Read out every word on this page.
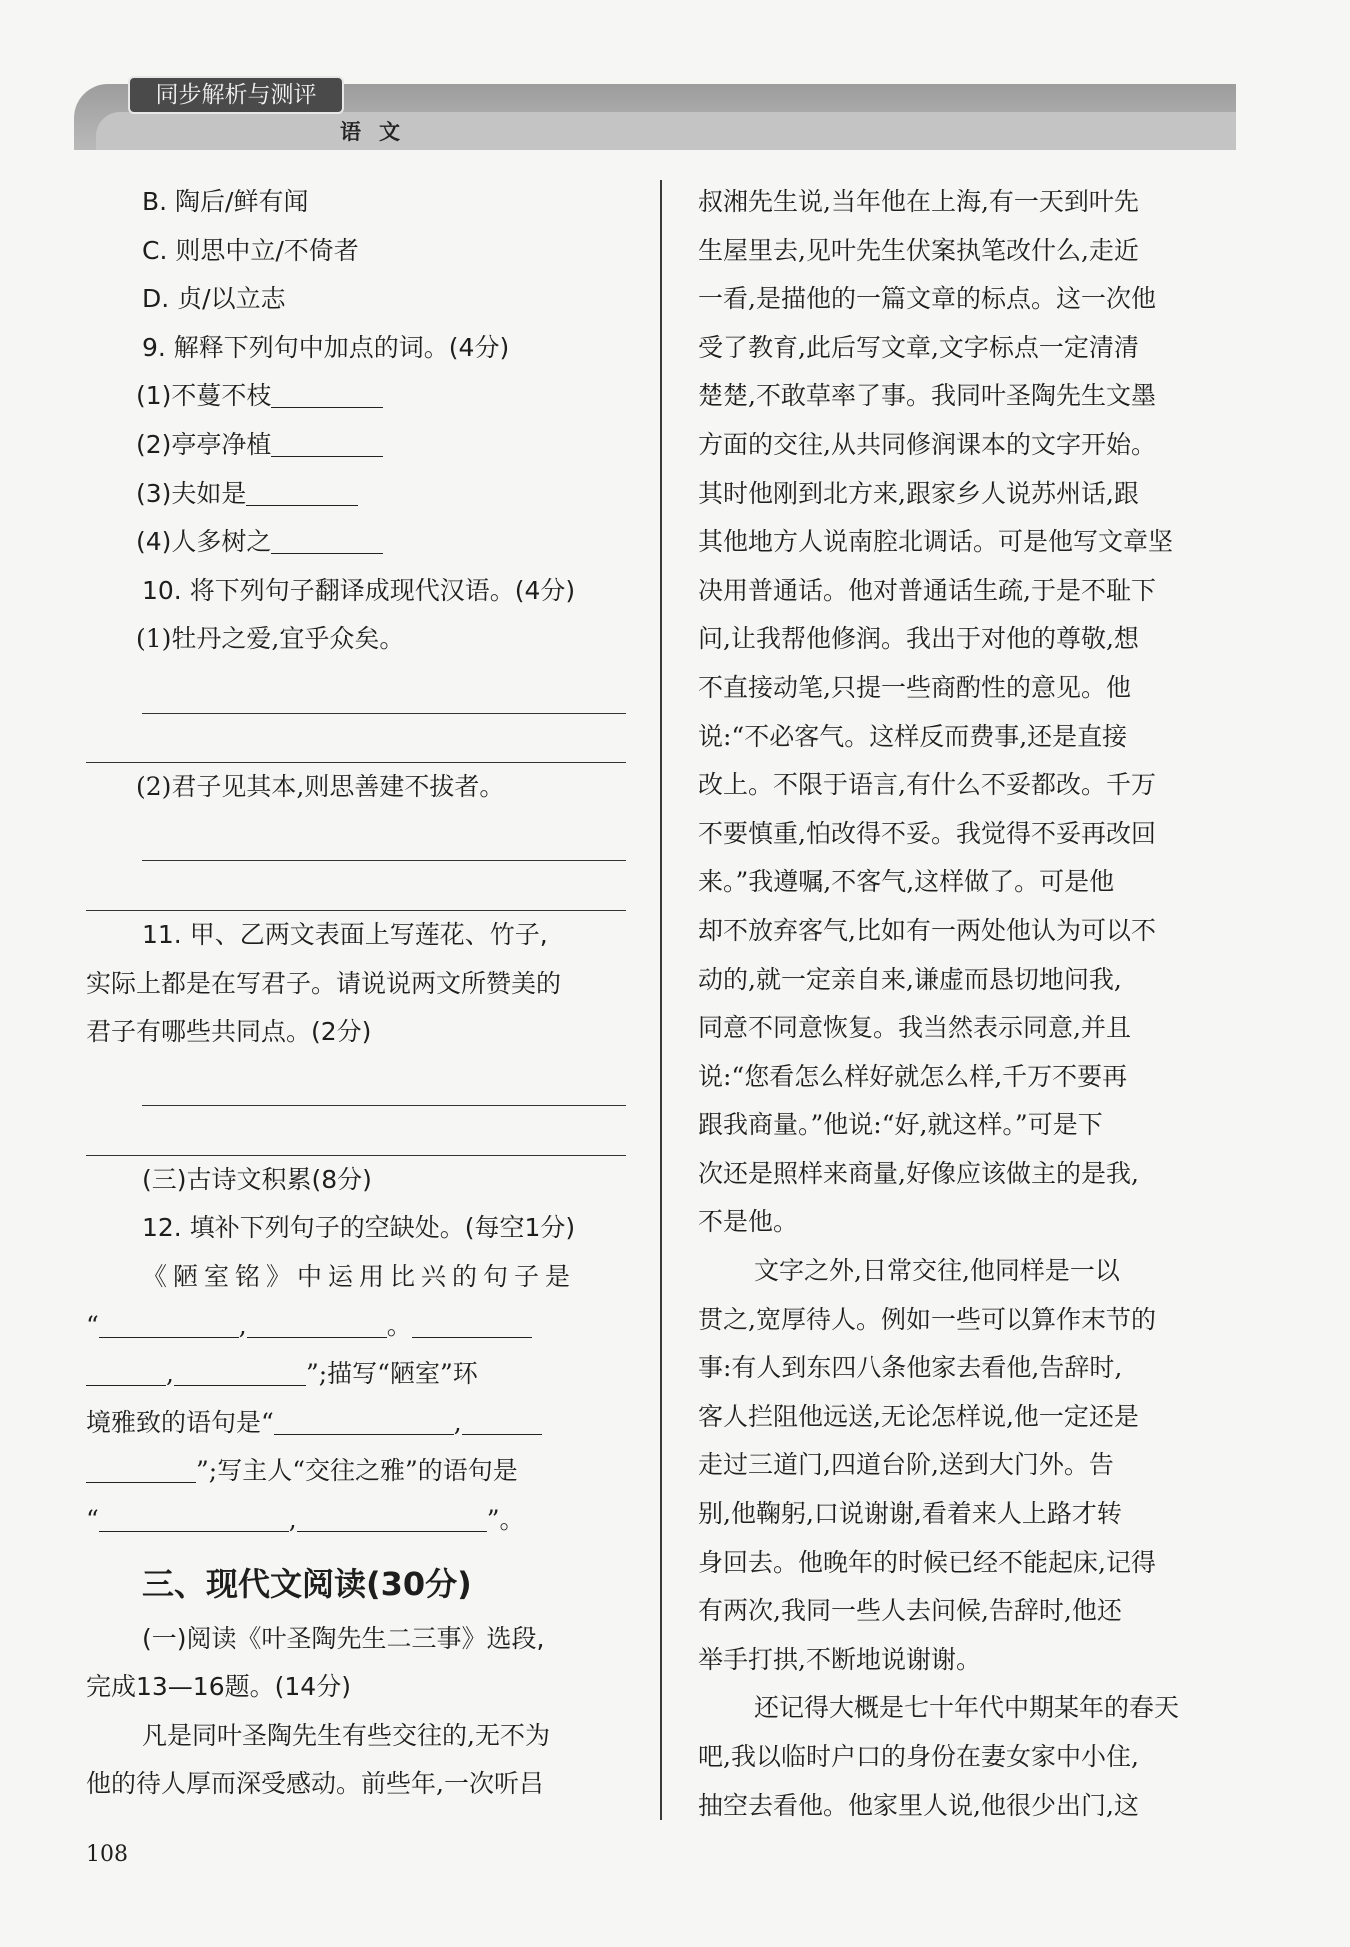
同步解析与测评
语文
B. 陶后/鲜有闻
C. 则思中立/不倚者
D. 贞/以立志
9. 解释下列句中加点的词。(4分)
(1)不蔓不枝
(2)亭亭净植
(3)夫如是
(4)人多树之
10. 将下列句子翻译成现代汉语。(4分)
(1)牡丹之爱,宜乎众矣。
(2)君子见其本,则思善建不拔者。
11. 甲、乙两文表面上写莲花、竹子,
实际上都是在写君子。请说说两文所赞美的
君子有哪些共同点。(2分)
(三)古诗文积累(8分)
12. 填补下列句子的空缺处。(每空1分)
《陋室铭》中运用比兴的句子是
“	,	。
,	”;描写“陋室”环
境雅致的语句是“	,
”;写主人“交往之雅”的语句是
“	,	”。
三、现代文阅读(30分)
(一)阅读《叶圣陶先生二三事》选段,
完成13—16题。(14分)
凡是同叶圣陶先生有些交往的,无不为
他的待人厚而深受感动。前些年,一次听吕
叔湘先生说,当年他在上海,有一天到叶先
生屋里去,见叶先生伏案执笔改什么,走近
一看,是描他的一篇文章的标点。这一次他
受了教育,此后写文章,文字标点一定清清
楚楚,不敢草率了事。我同叶圣陶先生文墨
方面的交往,从共同修润课本的文字开始。
其时他刚到北方来,跟家乡人说苏州话,跟
其他地方人说南腔北调话。可是他写文章坚
决用普通话。他对普通话生疏,于是不耻下
问,让我帮他修润。我出于对他的尊敬,想
不直接动笔,只提一些商酌性的意见。他
说:“不必客气。这样反而费事,还是直接
改上。不限于语言,有什么不妥都改。千万
不要慎重,怕改得不妥。我觉得不妥再改回
来。”我遵嘱,不客气,这样做了。可是他
却不放弃客气,比如有一两处他认为可以不
动的,就一定亲自来,谦虚而恳切地问我,
同意不同意恢复。我当然表示同意,并且
说:“您看怎么样好就怎么样,千万不要再
跟我商量。”他说:“好,就这样。”可是下
次还是照样来商量,好像应该做主的是我,
不是他。
文字之外,日常交往,他同样是一以
贯之,宽厚待人。例如一些可以算作末节的
事:有人到东四八条他家去看他,告辞时,
客人拦阻他远送,无论怎样说,他一定还是
走过三道门,四道台阶,送到大门外。告
别,他鞠躬,口说谢谢,看着来人上路才转
身回去。他晚年的时候已经不能起床,记得
有两次,我同一些人去问候,告辞时,他还
举手打拱,不断地说谢谢。
还记得大概是七十年代中期某年的春天
吧,我以临时户口的身份在妻女家中小住,
抽空去看他。他家里人说,他很少出门,这
108
